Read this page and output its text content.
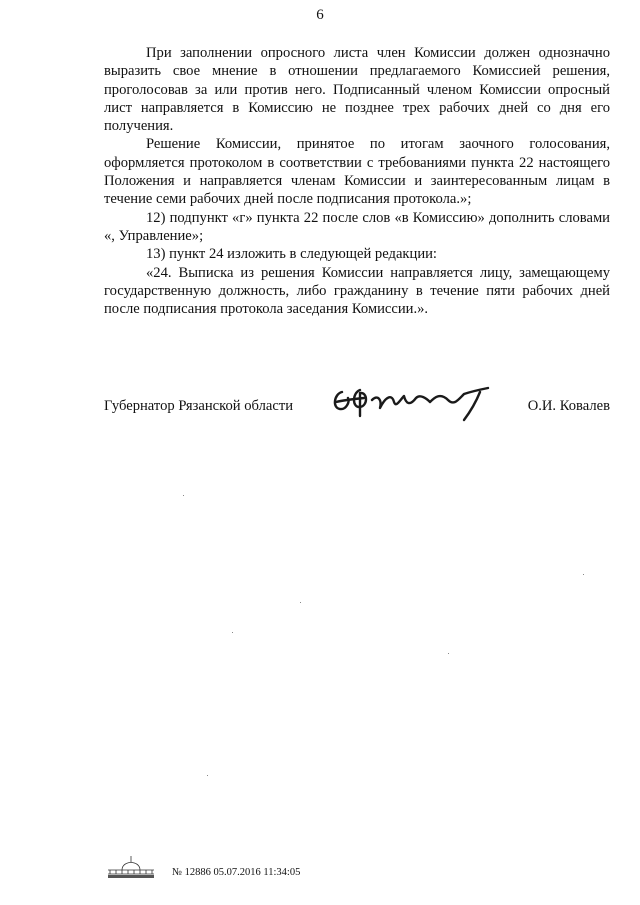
6

При заполнении опросного листа член Комиссии должен однозначно выразить свое мнение в отношении предлагаемого Комиссией решения, проголосовав за или против него. Подписанный членом Комиссии опросный лист направляется в Комиссию не позднее трех рабочих дней со дня его получения.

Решение Комиссии, принятое по итогам заочного голосования, оформляется протоколом в соответствии с требованиями пункта 22 настоящего Положения и направляется членам Комиссии и заинтересованным лицам в течение семи рабочих дней после подписания протокола.»;

12) подпункт «г» пункта 22 после слов «в Комиссию» дополнить словами «, Управление»;

13) пункт 24 изложить в следующей редакции:

«24. Выписка из решения Комиссии направляется лицу, замещающему государственную должность, либо гражданину в течение пяти рабочих дней после подписания протокола заседания Комиссии.».

Губернатор Рязанской области	О.И. Ковалев
№ 12886 05.07.2016 11:34:05
